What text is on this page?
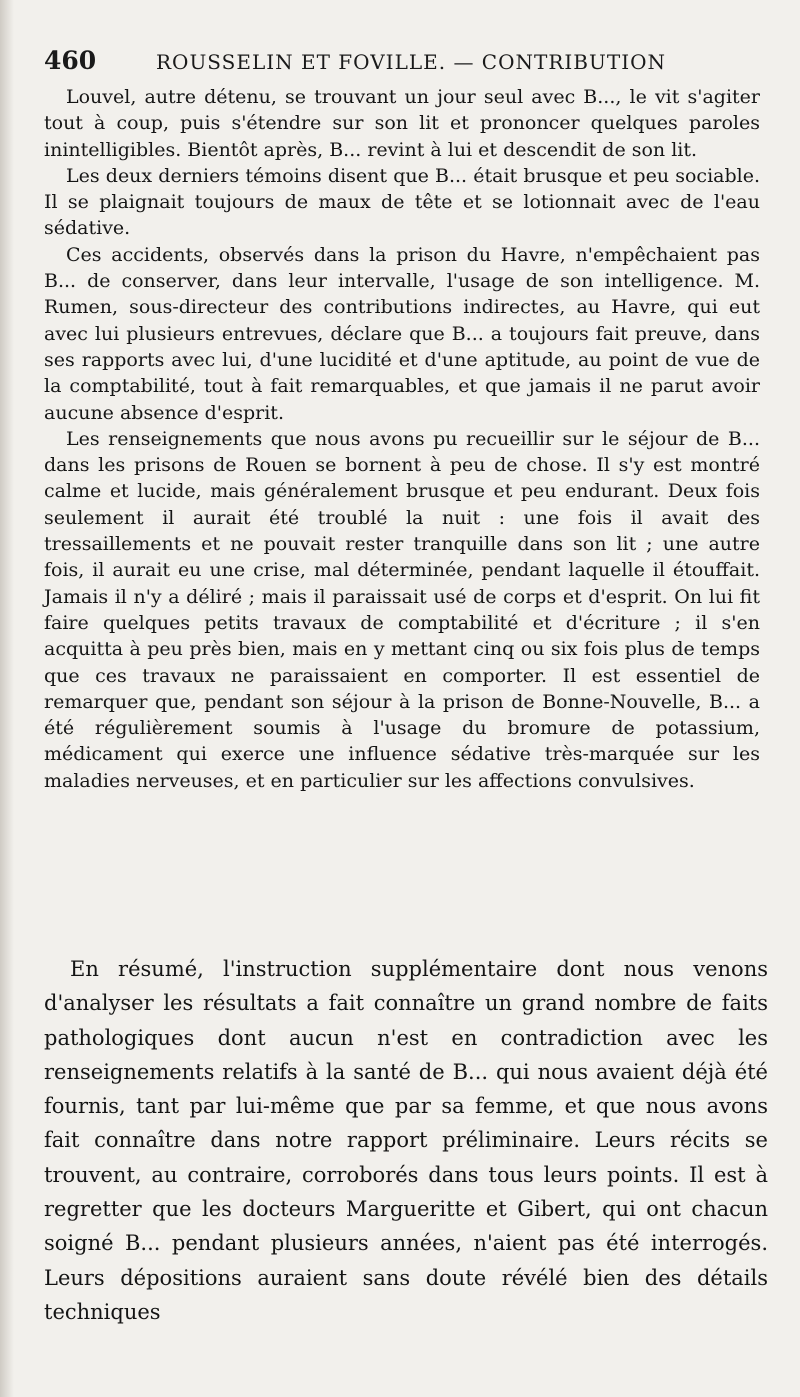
460	ROUSSELIN ET FOVILLE. — CONTRIBUTION

Louvel, autre détenu, se trouvant un jour seul avec B..., le vit s'agiter tout à coup, puis s'étendre sur son lit et prononcer quelques paroles inintelligibles. Bientôt après, B... revint à lui et descendit de son lit.

Les deux derniers témoins disent que B... était brusque et peu sociable. Il se plaignait toujours de maux de tête et se lotionnait avec de l'eau sédative.

Ces accidents, observés dans la prison du Havre, n'empêchaient pas B... de conserver, dans leur intervalle, l'usage de son intelligence. M. Rumen, sous-directeur des contributions indirectes, au Havre, qui eut avec lui plusieurs entrevues, déclare que B... a toujours fait preuve, dans ses rapports avec lui, d'une lucidité et d'une aptitude, au point de vue de la comptabilité, tout à fait remarquables, et que jamais il ne parut avoir aucune absence d'esprit.

Les renseignements que nous avons pu recueillir sur le séjour de B... dans les prisons de Rouen se bornent à peu de chose. Il s'y est montré calme et lucide, mais généralement brusque et peu endurant. Deux fois seulement il aurait été troublé la nuit : une fois il avait des tressaillements et ne pouvait rester tranquille dans son lit ; une autre fois, il aurait eu une crise, mal déterminée, pendant laquelle il étouffait. Jamais il n'y a déliré ; mais il paraissait usé de corps et d'esprit. On lui fit faire quelques petits travaux de comptabilité et d'écriture ; il s'en acquitta à peu près bien, mais en y mettant cinq ou six fois plus de temps que ces travaux ne paraissaient en comporter. Il est essentiel de remarquer que, pendant son séjour à la prison de Bonne-Nouvelle, B... a été régulièrement soumis à l'usage du bromure de potassium, médicament qui exerce une influence sédative très-marquée sur les maladies nerveuses, et en particulier sur les affections convulsives.

En résumé, l'instruction supplémentaire dont nous venons d'analyser les résultats a fait connaître un grand nombre de faits pathologiques dont aucun n'est en contradiction avec les renseignements relatifs à la santé de B... qui nous avaient déjà été fournis, tant par lui-même que par sa femme, et que nous avons fait connaître dans notre rapport préliminaire. Leurs récits se trouvent, au contraire, corroborés dans tous leurs points. Il est à regretter que les docteurs Margueritte et Gibert, qui ont chacun soigné B... pendant plusieurs années, n'aient pas été interrogés. Leurs dépositions auraient sans doute révélé bien des détails techniques
